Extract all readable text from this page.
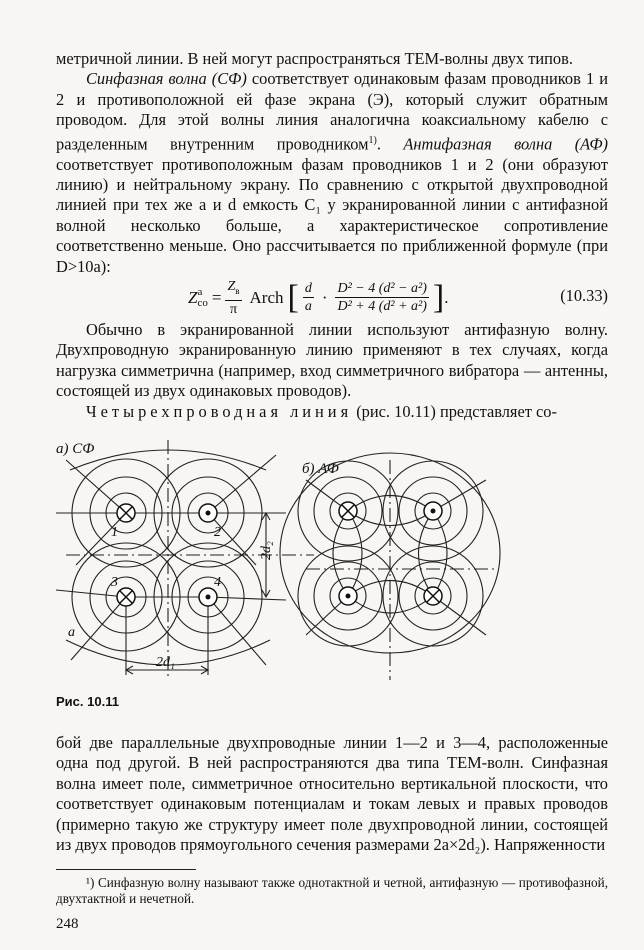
метричной линии. В ней могут распространяться ТЕМ-волны двух типов.

Синфазная волна (СФ) соответствует одинаковым фазам проводников 1 и 2 и противоположной ей фазе экрана (Э), который служит обратным проводом. Для этой волны линия аналогична коаксиальному кабелю с разделенным внутренним проводником$^{1)}$. Антифазная волна (АФ) соответствует противоположным фазам проводников 1 и 2 (они образуют линию) и нейтральному экрану. По сравнению с открытой двухпроводной линией при тех же a и d емкость C₁ у экранированной линии с антифазной волной несколько больше, а характеристическое сопротивление соответственно меньше. Оно рассчитывается по приближенной формуле (при D>10a):

Z а
со = $\frac{Z_в}{\pi}$ Arch [ $\frac{d}{a} \cdot \frac{\text{D² − 4 (d² − a²)}}{\text{D² + 4 (d² + a²)}}$ ] .	(10.33)

Обычно в экранированной линии используют антифазную волну. Двухпроводную экранированную линию применяют в тех случаях, когда нагрузка симметрична (например, вход симметричного вибратора — антенны, состоящей из двух одинаковых проводов).

Четырехпроводная линия (рис. 10.11) представляет со-

а) СФ
б) АФ
1	2
3	4
2d₂
2d₁
a
Рис. 10.11

бой две параллельные двухпроводные линии 1—2 и 3—4, расположенные одна под другой. В ней распространяются два типа ТЕМ-волн. Синфазная волна имеет поле, симметричное относительно вертикальной плоскости, что соответствует одинаковым потенциалам и токам левых и правых проводов (примерно такую же структуру имеет поле двухпроводной линии, состоящей из двух проводов прямоугольного сечения размерами 2a×2d₂). Напряженности

¹) Синфазную волну называют также однотактной и четной, антифазную — противофазной, двухтактной и нечетной.

248
